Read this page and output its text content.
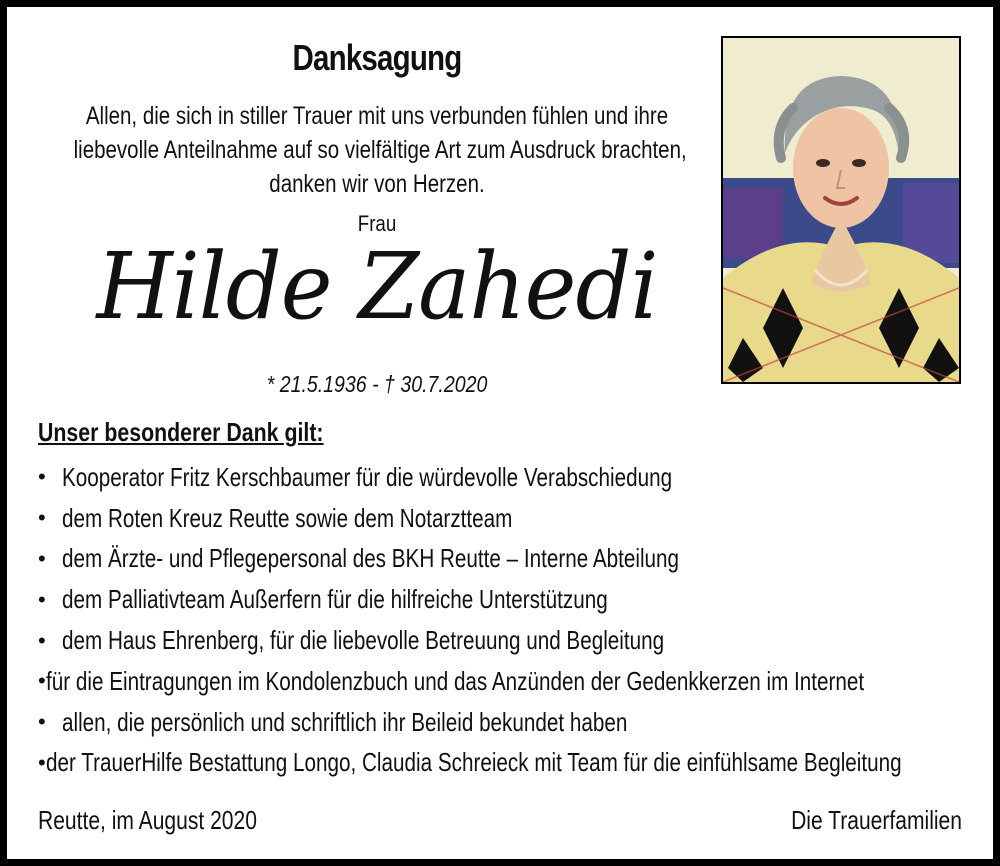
Danksagung
Allen, die sich in stiller Trauer mit uns verbunden fühlen und ihre
liebevolle Anteilnahme auf so vielfältige Art zum Ausdruck brachten,
danken wir von Herzen.
Frau
Hilde Zahedi
* 21.5.1936 - † 30.7.2020
Unser besonderer Dank gilt:
• Kooperator Fritz Kerschbaumer für die würdevolle Verabschiedung
• dem Roten Kreuz Reutte sowie dem Notarztteam
• dem Ärzte- und Pflegepersonal des BKH Reutte – Interne Abteilung
• dem Palliativteam Außerfern für die hilfreiche Unterstützung
• dem Haus Ehrenberg, für die liebevolle Betreuung und Begleitung
• für die Eintragungen im Kondolenzbuch und das Anzünden der Gedenkkerzen im Internet
• allen, die persönlich und schriftlich ihr Beileid bekundet haben
• der TrauerHilfe Bestattung Longo, Claudia Schreieck mit Team für die einfühlsame Begleitung
Reutte, im August 2020	Die Trauerfamilien
